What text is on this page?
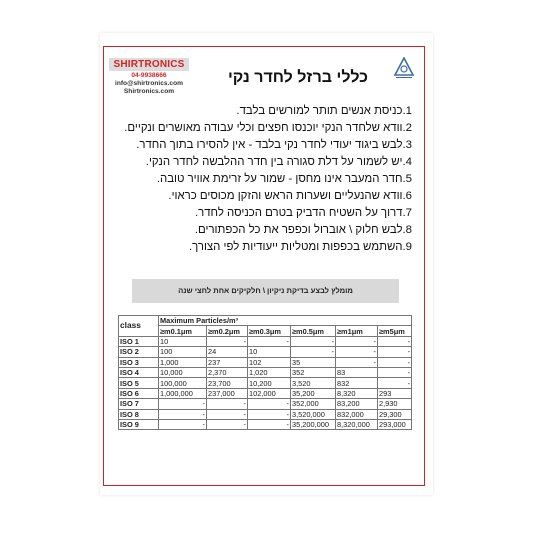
SHIRTRONICS
04-9938666
info@shirtronics.com
Shirtronics.com
כללי ברזל לחדר נקי
1.כניסת אנשים תותר למורשים בלבד.
2.וודא שלחדר הנקי יוכנסו חפצים וכלי עבודה מאושרים ונקיים.
3.לבש ביגוד יעודי לחדר נקי בלבד - אין להסירו בתוך החדר.
4.יש לשמור על דלת סגורה בין חדר ההלבשה לחדר הנקי.
5.חדר המעבר אינו מחסן - שמור על זרימת אוויר טובה.
6.וודא שהנעליים ושערות הראש והזקן מכוסים כראוי.
7.דרוך על השטיח הדביק בטרם הכניסה לחדר.
8.לבש חלוק \ אוברול וכפפר את כל הכפתורים.
9.השתמש בכפפות ומטליות ייעודיות לפי הצורך.
מומלץ לבצע בדיקת ניקיון \ חלקיקים אחת לחצי שנה
class	Maximum Particles/m³					
	≥m0.1μm	≥m0.2μm	≥m0.3μm	≥m0.5μm	≥m1μm	≥m5μm
ISO 1	10	-	-	-	-	-
ISO 2	100	24	10	-	-	-
ISO 3	1,000	237	102	35	-	-
ISO 4	10,000	2,370	1,020	352	83	-
ISO 5	100,000	23,700	10,200	3,520	832	-
ISO 6	1,000,000	237,000	102,000	35,200	8,320	293
ISO 7	-	-	-	352,000	83,200	2,930
ISO 8	-	-	-	3,520,000	832,000	29,300
ISO 9	-	-	-	35,200,000	8,320,000	293,000
